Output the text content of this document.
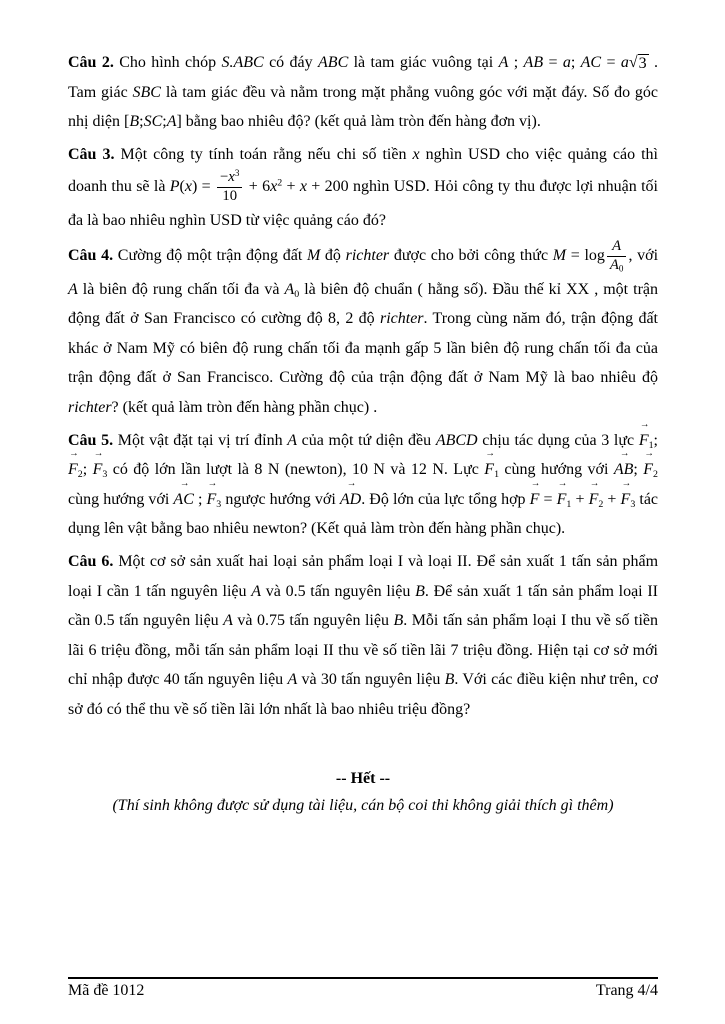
Câu 2. Cho hình chóp S.ABC có đáy ABC là tam giác vuông tại A ; AB = a; AC = a √ 3 . Tam giác SBC là tam giác đều và nằm trong mặt phẳng vuông góc với mặt đáy. Số đo góc nhị diện [B;SC;A] bằng bao nhiêu độ? (kết quả làm tròn đến hàng đơn vị).

Câu 3. Một công ty tính toán rằng nếu chi số tiền x nghìn USD cho việc quảng cáo thì doanh thu sẽ là $P(x) = \frac{-x^3}{10} + 6x^2 + x + 200$ nghìn USD. Hỏi công ty thu được lợi nhuận tối đa là bao nhiêu nghìn USD từ việc quảng cáo đó?

Câu 4. Cường độ một trận động đất M độ richter được cho bởi công thức $M = \log \frac{A}{A0}$ , với A là biên độ rung chấn tối đa và A0 là biên độ chuẩn ( hằng số). Đầu thế kỉ XX , một trận động đất ở San Francisco có cường độ 8, 2 độ richter. Trong cùng năm đó, trận động đất khác ở Nam Mỹ có biên độ rung chấn tối đa mạnh gấp 5 lần biên độ rung chấn tối đa của trận động đất ở San Francisco. Cường độ của trận động đất ở Nam Mỹ là bao nhiêu độ richter? (kết quả làm tròn đến hàng phần chục) .

Câu 5. Một vật đặt tại vị trí đỉnh A của một tứ diện đều ABCD chịu tác dụng của 3 lực F →1; F →2; F →3 có độ lớn lần lượt là 8 N (newton), 10 N và 12 N. Lực F →1 cùng hướng với AB →; F →2 cùng hướng với AC → ; F →3 ngược hướng với AD →. Độ lớn của lực tổng hợp F → = F →1 + F →2 + F →3 tác dụng lên vật bằng bao nhiêu newton? (Kết quả làm tròn đến hàng phần chục).

Câu 6. Một cơ sở sản xuất hai loại sản phẩm loại I và loại II. Để sản xuất 1 tấn sản phẩm loại I cần 1 tấn nguyên liệu A và 0.5 tấn nguyên liệu B. Để sản xuất 1 tấn sản phẩm loại II cần 0.5 tấn nguyên liệu A và 0.75 tấn nguyên liệu B. Mỗi tấn sản phẩm loại I thu về số tiền lãi 6 triệu đồng, mỗi tấn sản phẩm loại II thu về số tiền lãi 7 triệu đồng. Hiện tại cơ sở mới chỉ nhập được 40 tấn nguyên liệu A và 30 tấn nguyên liệu B. Với các điều kiện như trên, cơ sở đó có thể thu về số tiền lãi lớn nhất là bao nhiêu triệu đồng?

-- Hết --
(Thí sinh không được sử dụng tài liệu, cán bộ coi thi không giải thích gì thêm)
Mã đề 1012	Trang 4/4
